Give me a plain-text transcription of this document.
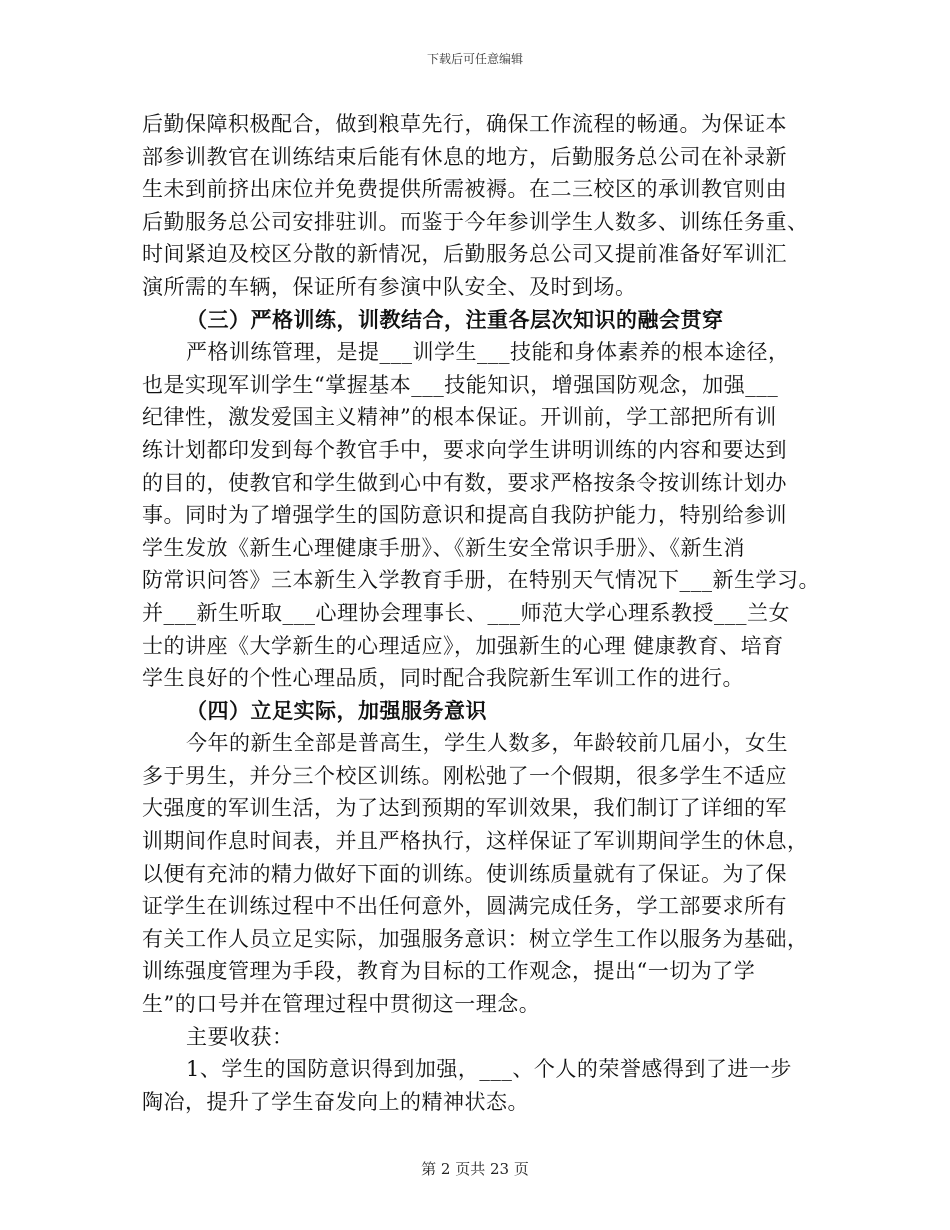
下载后可任意编辑
后勤保障积极配合，做到粮草先行，确保工作流程的畅通。为保证本
部参训教官在训练结束后能有休息的地方，后勤服务总公司在补录新
生未到前挤出床位并免费提供所需被褥。在二三校区的承训教官则由
后勤服务总公司安排驻训。而鉴于今年参训学生人数多、训练任务重、
时间紧迫及校区分散的新情况，后勤服务总公司又提前准备好军训汇
演所需的车辆，保证所有参演中队安全、及时到场。
（三）严格训练，训教结合，注重各层次知识的融会贯穿
严格训练管理，是提___训学生___技能和身体素养的根本途径，
也是实现军训学生“掌握基本___技能知识，增强国防观念，加强___
纪律性，激发爱国主义精神”的根本保证。开训前，学工部把所有训
练计划都印发到每个教官手中，要求向学生讲明训练的内容和要达到
的目的，使教官和学生做到心中有数，要求严格按条令按训练计划办
事。同时为了增强学生的国防意识和提高自我防护能力，特别给参训
学生发放《新生心理健康手册》、《新生安全常识手册》、《新生消
防常识问答》三本新生入学教育手册，在特别天气情况下___新生学习。
并___新生听取___心理协会理事长、___师范大学心理系教授___兰女
士的讲座《大学新生的心理适应》，加强新生的心理 健康教育、培育
学生良好的个性心理品质，同时配合我院新生军训工作的进行。
（四）立足实际，加强服务意识
今年的新生全部是普高生，学生人数多，年龄较前几届小，女生
多于男生，并分三个校区训练。刚松弛了一个假期，很多学生不适应
大强度的军训生活，为了达到预期的军训效果，我们制订了详细的军
训期间作息时间表，并且严格执行，这样保证了军训期间学生的休息，
以便有充沛的精力做好下面的训练。使训练质量就有了保证。为了保
证学生在训练过程中不出任何意外，圆满完成任务，学工部要求所有
有关工作人员立足实际，加强服务意识：树立学生工作以服务为基础，
训练强度管理为手段，教育为目标的工作观念，提出“一切为了学
生”的口号并在管理过程中贯彻这一理念。
主要收获：
1、学生的国防意识得到加强，___、个人的荣誉感得到了进一步
陶冶，提升了学生奋发向上的精神状态。
第 2 页共 23 页
